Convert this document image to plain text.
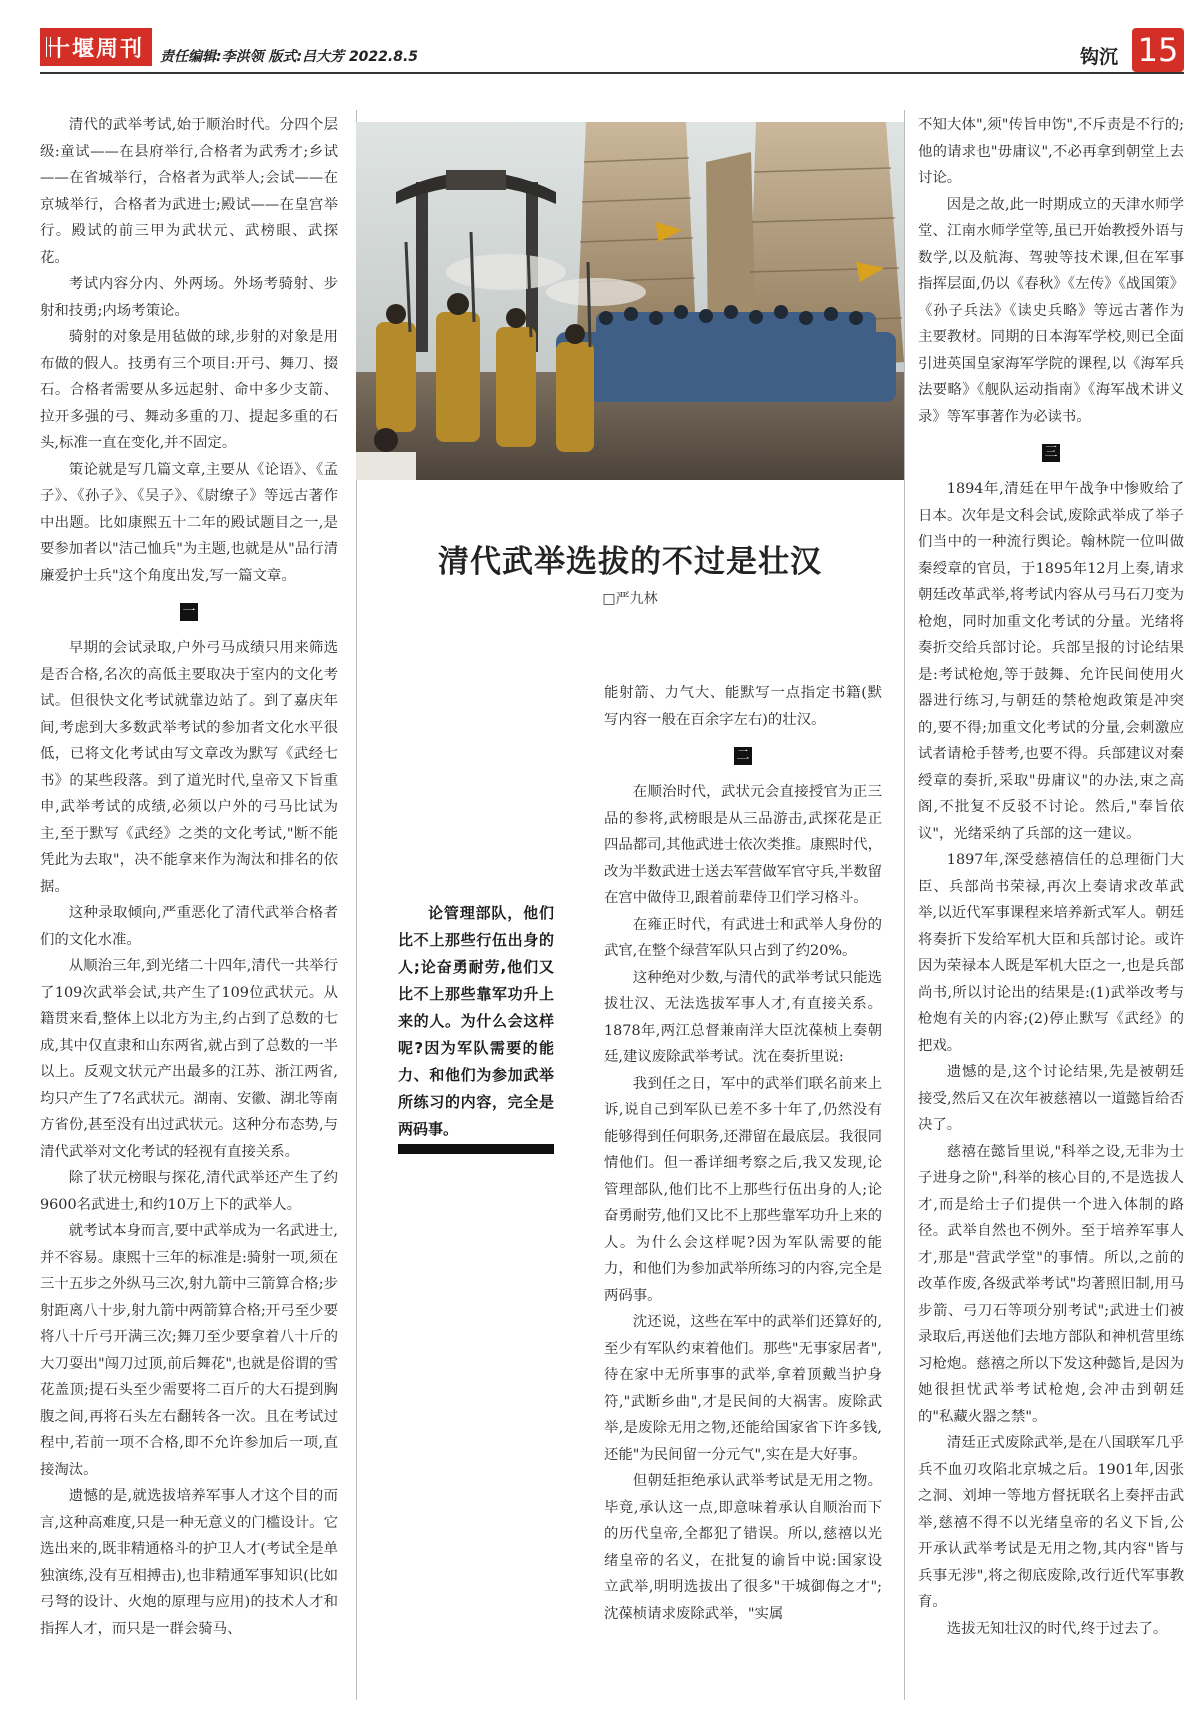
十堰周刊 责任编辑:李洪领 版式:吕大芳 2022.8.5	钩沉 15

清代的武举考试,始于顺治时代。分四个层级:童试——在县府举行,合格者为武秀才;乡试——在省城举行，合格者为武举人;会试——在京城举行，合格者为武进士;殿试——在皇宫举行。殿试的前三甲为武状元、武榜眼、武探花。

考试内容分内、外两场。外场考骑射、步射和技勇;内场考策论。

骑射的对象是用毡做的球,步射的对象是用布做的假人。技勇有三个项目:开弓、舞刀、掇石。合格者需要从多远起射、命中多少支箭、拉开多强的弓、舞动多重的刀、提起多重的石头,标准一直在变化,并不固定。

策论就是写几篇文章,主要从《论语》、《孟子》、《孙子》、《吴子》、《尉缭子》等远古著作中出题。比如康熙五十二年的殿试题目之一,是要参加者以"洁己恤兵"为主题,也就是从"品行清廉爱护士兵"这个角度出发,写一篇文章。

一

早期的会试录取,户外弓马成绩只用来筛选是否合格,名次的高低主要取决于室内的文化考试。但很快文化考试就靠边站了。到了嘉庆年间,考虑到大多数武举考试的参加者文化水平很低，已将文化考试由写文章改为默写《武经七书》的某些段落。到了道光时代,皇帝又下旨重申,武举考试的成绩,必须以户外的弓马比试为主,至于默写《武经》之类的文化考试,"断不能凭此为去取"，决不能拿来作为淘汰和排名的依据。

这种录取倾向,严重恶化了清代武举合格者们的文化水准。

从顺治三年,到光绪二十四年,清代一共举行了109次武举会试,共产生了109位武状元。从籍贯来看,整体上以北方为主,约占到了总数的七成,其中仅直隶和山东两省,就占到了总数的一半以上。反观文状元产出最多的江苏、浙江两省,均只产生了7名武状元。湖南、安徽、湖北等南方省份,甚至没有出过武状元。这种分布态势,与清代武举对文化考试的轻视有直接关系。

除了状元榜眼与探花,清代武举还产生了约9600名武进士,和约10万上下的武举人。

就考试本身而言,要中武举成为一名武进士,并不容易。康熙十三年的标准是:骑射一项,须在三十五步之外纵马三次,射九箭中三箭算合格;步射距离八十步,射九箭中两箭算合格;开弓至少要将八十斤弓开满三次;舞刀至少要拿着八十斤的大刀耍出"闯刀过顶,前后舞花",也就是俗谓的雪花盖顶;提石头至少需要将二百斤的大石提到胸腹之间,再将石头左右翻转各一次。且在考试过程中,若前一项不合格,即不允许参加后一项,直接淘汰。

遗憾的是,就选拔培养军事人才这个目的而言,这种高难度,只是一种无意义的门槛设计。它选出来的,既非精通格斗的护卫人才(考试全是单独演练,没有互相搏击),也非精通军事知识(比如弓弩的设计、火炮的原理与应用)的技术人才和指挥人才，而只是一群会骑马、

清代武举选拔的不过是壮汉
□严九林
论管理部队，他们比不上那些行伍出身的人;论奋勇耐劳,他们又比不上那些靠军功升上来的人。为什么会这样呢?因为军队需要的能力、和他们为参加武举所练习的内容，完全是两码事。

能射箭、力气大、能默写一点指定书籍(默写内容一般在百余字左右)的壮汉。

二

在顺治时代，武状元会直接授官为正三品的参将,武榜眼是从三品游击,武探花是正四品都司,其他武进士依次类推。康熙时代，改为半数武进士送去军营做军官守兵,半数留在宫中做侍卫,跟着前辈侍卫们学习格斗。

在雍正时代，有武进士和武举人身份的武官,在整个绿营军队只占到了约20%。

这种绝对少数,与清代的武举考试只能选拔壮汉、无法选拔军事人才,有直接关系。1878年,两江总督兼南洋大臣沈葆桢上奏朝廷,建议废除武举考试。沈在奏折里说:

我到任之日，军中的武举们联名前来上诉,说自己到军队已差不多十年了,仍然没有能够得到任何职务,还滞留在最底层。我很同情他们。但一番详细考察之后,我又发现,论管理部队,他们比不上那些行伍出身的人;论奋勇耐劳,他们又比不上那些靠军功升上来的人。为什么会这样呢?因为军队需要的能力，和他们为参加武举所练习的内容,完全是两码事。

沈还说，这些在军中的武举们还算好的,至少有军队约束着他们。那些"无事家居者",待在家中无所事事的武举,拿着顶戴当护身符,"武断乡曲",才是民间的大祸害。废除武举,是废除无用之物,还能给国家省下许多钱,还能"为民间留一分元气",实在是大好事。

但朝廷拒绝承认武举考试是无用之物。毕竟,承认这一点,即意味着承认自顺治而下的历代皇帝,全都犯了错误。所以,慈禧以光绪皇帝的名义，在批复的谕旨中说:国家设立武举,明明选拔出了很多"干城御侮之才";沈葆桢请求废除武举，"实属

不知大体",须"传旨申饬",不斥责是不行的;他的请求也"毋庸议",不必再拿到朝堂上去讨论。

因是之故,此一时期成立的天津水师学堂、江南水师学堂等,虽已开始教授外语与数学,以及航海、驾驶等技术课,但在军事指挥层面,仍以《春秋》《左传》《战国策》《孙子兵法》《读史兵略》等远古著作为主要教材。同期的日本海军学校,则已全面引进英国皇家海军学院的课程,以《海军兵法要略》《舰队运动指南》《海军战术讲义录》等军事著作为必读书。

三

1894年,清廷在甲午战争中惨败给了日本。次年是文科会试,废除武举成了举子们当中的一种流行舆论。翰林院一位叫做秦绶章的官员，于1895年12月上奏,请求朝廷改革武举,将考试内容从弓马石刀变为枪炮，同时加重文化考试的分量。光绪将奏折交给兵部讨论。兵部呈报的讨论结果是:考试枪炮,等于鼓舞、允许民间使用火器进行练习,与朝廷的禁枪炮政策是冲突的,要不得;加重文化考试的分量,会刺激应试者请枪手替考,也要不得。兵部建议对秦绶章的奏折,采取"毋庸议"的办法,束之高阁,不批复不反驳不讨论。然后,"奉旨依议"，光绪采纳了兵部的这一建议。

1897年,深受慈禧信任的总理衙门大臣、兵部尚书荣禄,再次上奏请求改革武举,以近代军事课程来培养新式军人。朝廷将奏折下发给军机大臣和兵部讨论。或许因为荣禄本人既是军机大臣之一,也是兵部尚书,所以讨论出的结果是:(1)武举改考与枪炮有关的内容;(2)停止默写《武经》的把戏。

遗憾的是,这个讨论结果,先是被朝廷接受,然后又在次年被慈禧以一道懿旨给否决了。

慈禧在懿旨里说,"科举之设,无非为士子进身之阶",科举的核心目的,不是选拔人才,而是给士子们提供一个进入体制的路径。武举自然也不例外。至于培养军事人才,那是"营武学堂"的事情。所以,之前的改革作废,各级武举考试"均著照旧制,用马步箭、弓刀石等项分别考试";武进士们被录取后,再送他们去地方部队和神机营里练习枪炮。慈禧之所以下发这种懿旨,是因为她很担忧武举考试枪炮,会冲击到朝廷的"私藏火器之禁"。

清廷正式废除武举,是在八国联军几乎兵不血刃攻陷北京城之后。1901年,因张之洞、刘坤一等地方督抚联名上奏抨击武举,慈禧不得不以光绪皇帝的名义下旨,公开承认武举考试是无用之物,其内容"皆与兵事无涉",将之彻底废除,改行近代军事教育。

选拔无知壮汉的时代,终于过去了。
